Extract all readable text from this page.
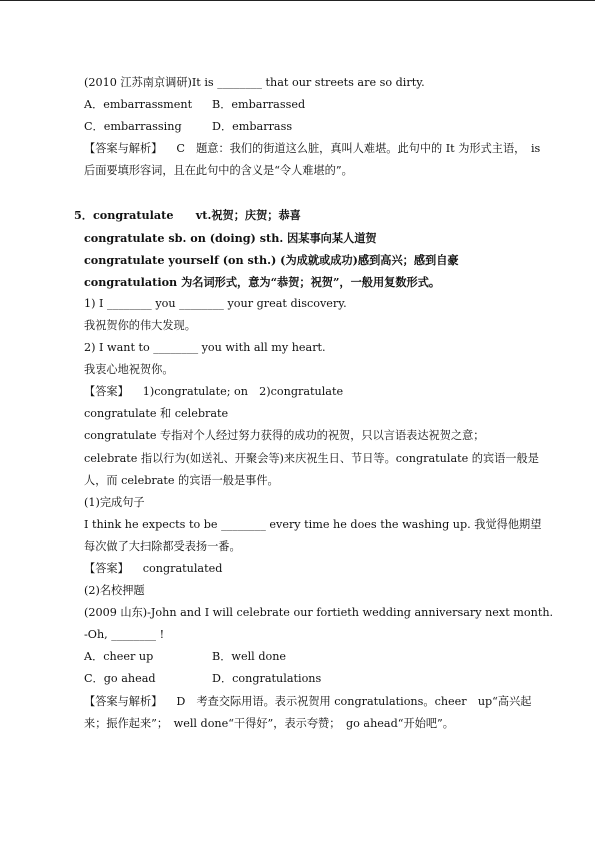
(2010 江苏南京调研)It is ________ that our streets are so dirty.
A．embarrassment B．embarrassed
C．embarrassing	D．embarrass
【答案与解析】 C　题意：我们的街道这么脏，真叫人难堪。此句中的 It 为形式主语，　is 后面要填形容词，且在此句中的含义是“令人难堪的”。
5．congratulate　　vt.祝贺；庆贺；恭喜
congratulate sb. on (doing) sth. 因某事向某人道贺
congratulate yourself (on sth.) (为成就或成功)感到高兴；感到自豪
congratulation 为名词形式，意为“恭贺；祝贺”，一般用复数形式。
1) I ________ you ________ your great discovery.
我祝贺你的伟大发现。
2) I want to ________ you with all my heart.
我衷心地祝贺你。
【答案】 1)congratulate; on　2)congratulate
congratulate 和 celebrate
congratulate 专指对个人经过努力获得的成功的祝贺，只以言语表达祝贺之意；
celebrate 指以行为(如送礼、开聚会等)来庆祝生日、节日等。congratulate 的宾语一般是人，而 celebrate 的宾语一般是事件。
(1)完成句子
I think he expects to be ________ every time he does the washing up. 我觉得他期望每次做了大扫除都受表扬一番。
【答案】 congratulated
(2)名校押题
(2009 山东)-John and I will celebrate our fortieth wedding anniversary next month.
-Oh, ________ !
A．cheer up	B．well done
C．go ahead	D．congratulations
【答案与解析】 D　考查交际用语。表示祝贺用 congratulations。cheer　up“高兴起来；振作起来”；　well done“干得好”，表示夸赞；　go ahead“开始吧”。
